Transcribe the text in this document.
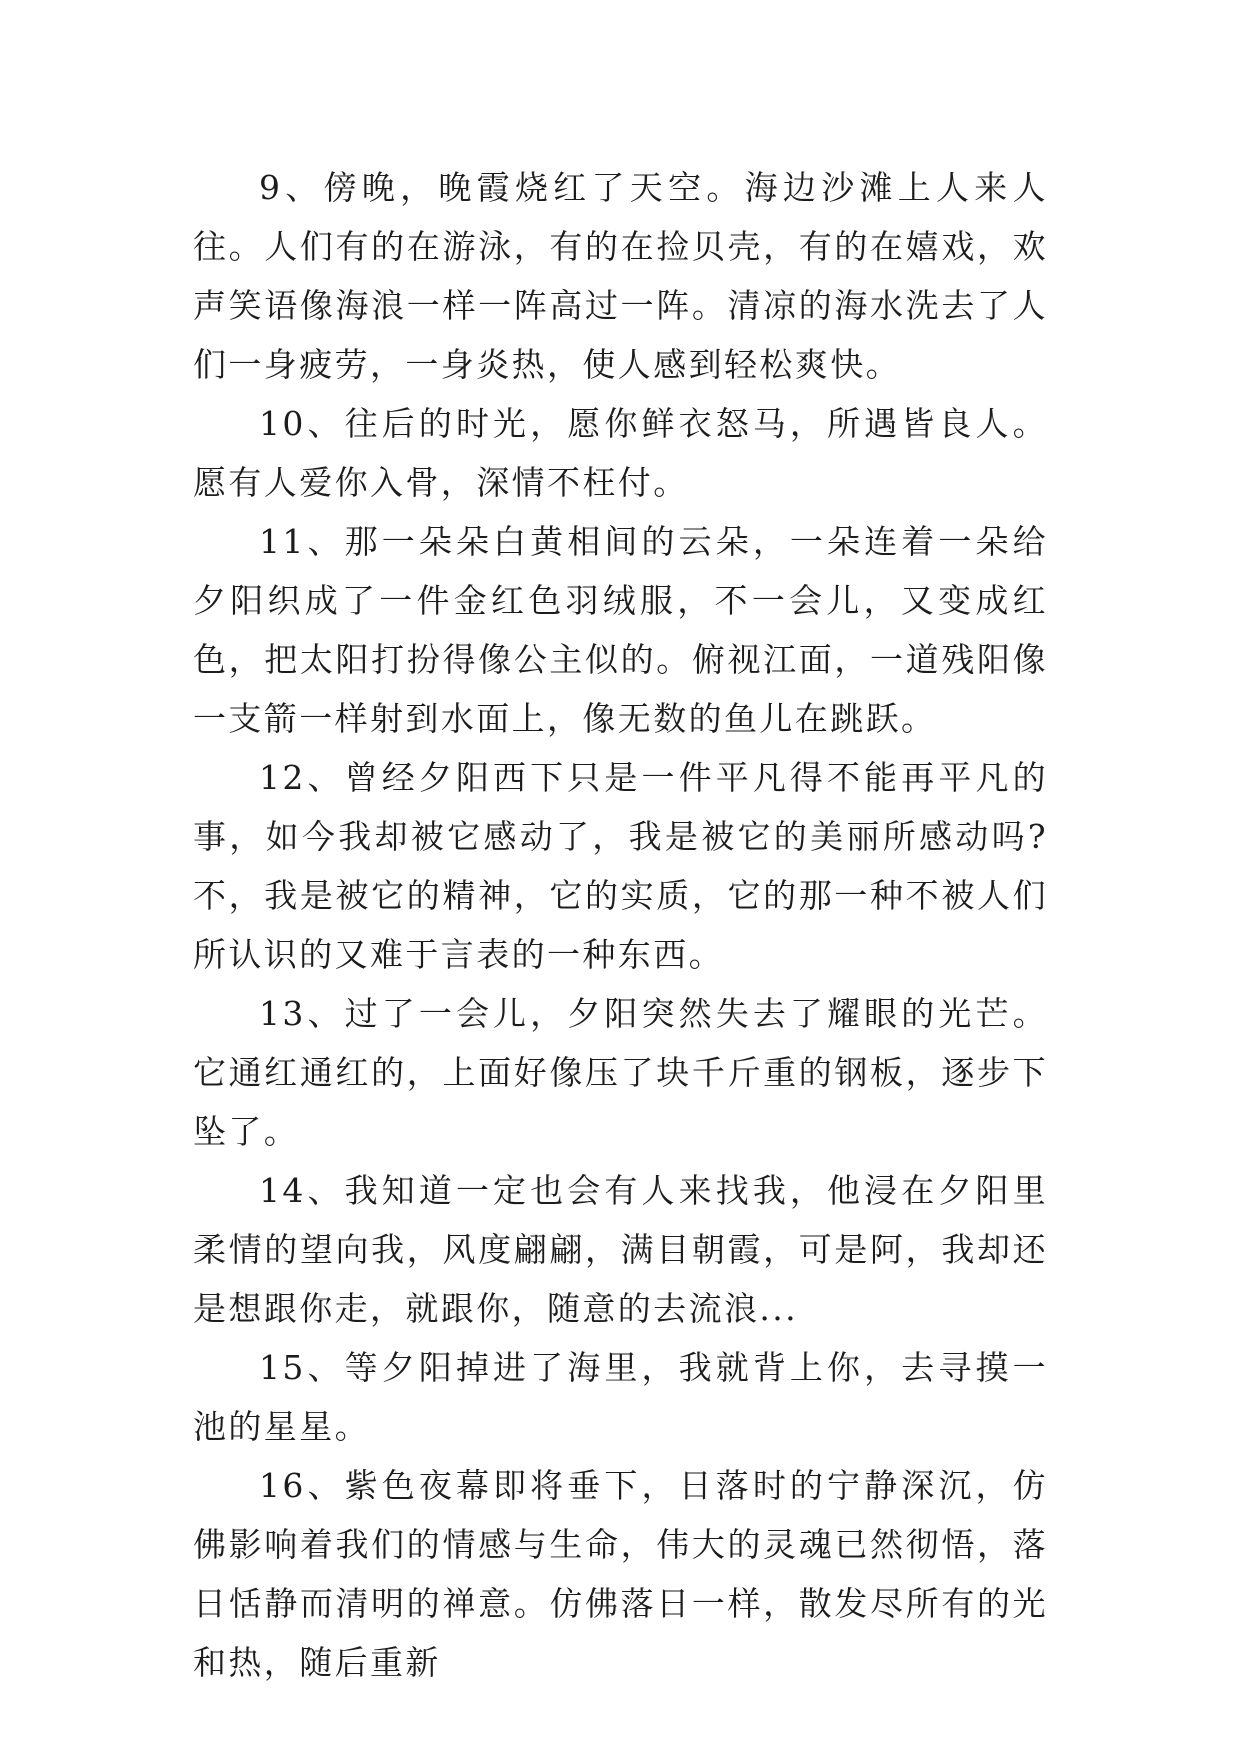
9、傍晚，晚霞烧红了天空。海边沙滩上人来人往。人们有的在游泳，有的在捡贝壳，有的在嬉戏，欢声笑语像海浪一样一阵高过一阵。清凉的海水洗去了人们一身疲劳，一身炎热，使人感到轻松爽快。

10、往后的时光，愿你鲜衣怒马，所遇皆良人。愿有人爱你入骨，深情不枉付。

11、那一朵朵白黄相间的云朵，一朵连着一朵给夕阳织成了一件金红色羽绒服，不一会儿，又变成红色，把太阳打扮得像公主似的。俯视江面，一道残阳像一支箭一样射到水面上，像无数的鱼儿在跳跃。

12、曾经夕阳西下只是一件平凡得不能再平凡的事，如今我却被它感动了，我是被它的美丽所感动吗?不，我是被它的精神，它的实质，它的那一种不被人们所认识的又难于言表的一种东西。

13、过了一会儿，夕阳突然失去了耀眼的光芒。它通红通红的，上面好像压了块千斤重的钢板，逐步下坠了。

14、我知道一定也会有人来找我，他浸在夕阳里柔情的望向我，风度翩翩，满目朝霞，可是阿，我却还是想跟你走，就跟你，随意的去流浪...

15、等夕阳掉进了海里，我就背上你，去寻摸一池的星星。

16、紫色夜幕即将垂下，日落时的宁静深沉，仿佛影响着我们的情感与生命，伟大的灵魂已然彻悟，落日恬静而清明的禅意。仿佛落日一样，散发尽所有的光和热，随后重新
